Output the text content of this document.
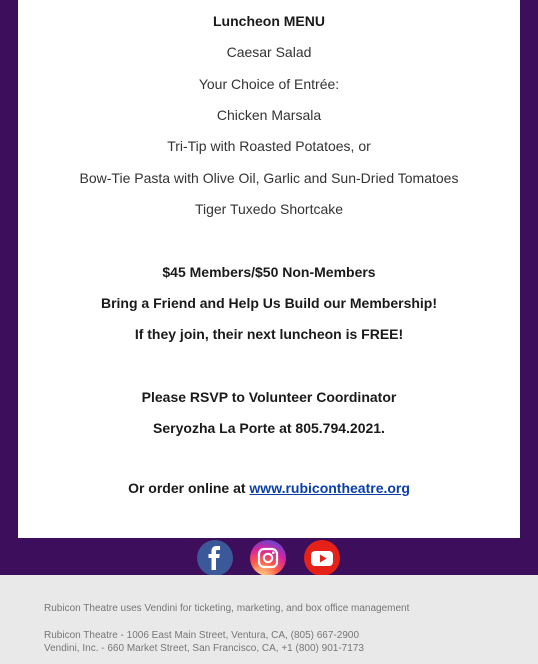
Luncheon MENU
Caesar Salad
Your Choice of Entrée:
Chicken Marsala
Tri-Tip with Roasted Potatoes, or
Bow-Tie Pasta with Olive Oil, Garlic and Sun-Dried Tomatoes
Tiger Tuxedo Shortcake
$45 Members/$50 Non-Members
Bring a Friend and Help Us Build our Membership!
If they join, their next luncheon is FREE!
Please RSVP to Volunteer Coordinator
Seryozha La Porte at 805.794.2021.
Or order online at www.rubicontheatre.org
Rubicon Theatre uses Vendini for ticketing, marketing, and box office management
Rubicon Theatre - 1006 East Main Street, Ventura, CA, (805) 667-2900
Vendini, Inc. - 660 Market Street, San Francisco, CA, +1 (800) 901-7173
